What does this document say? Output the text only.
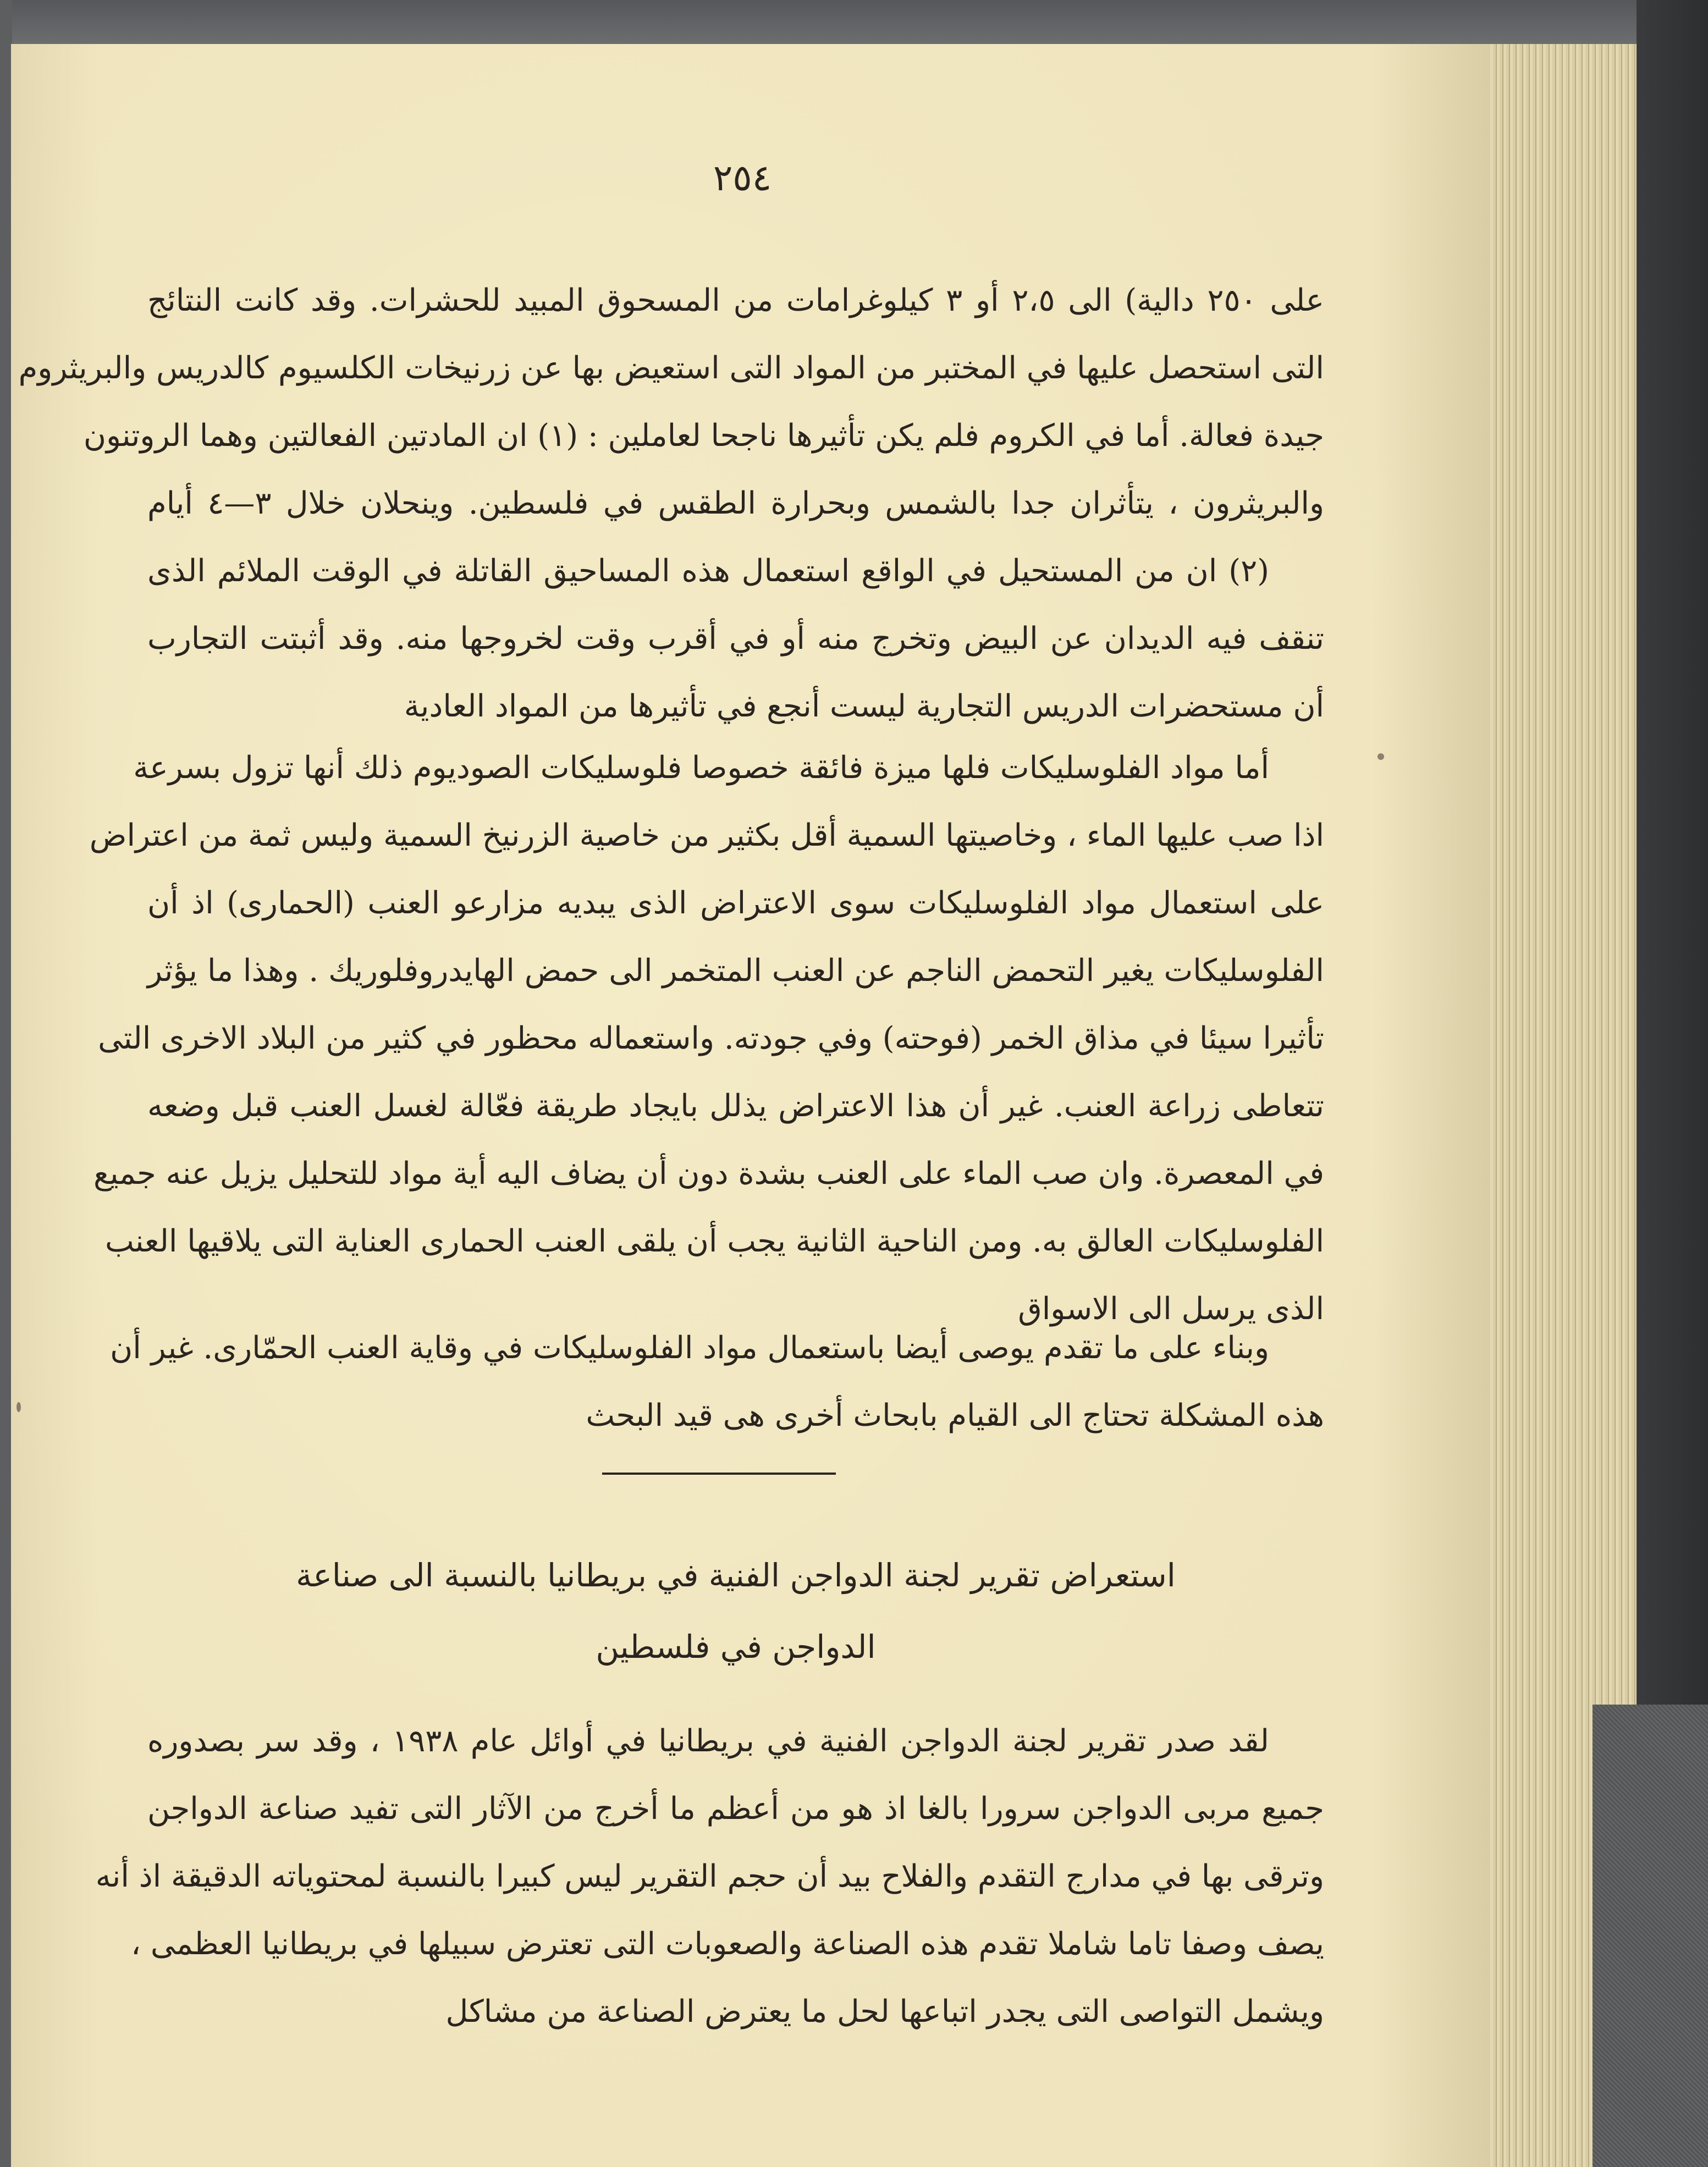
٢٥٤
على ٢٥٠ دالية) الى ٢،٥ أو ٣ كيلوغرامات من المسحوق المبيد للحشرات. وقد كانت النتائج
التى استحصل عليها في المختبر من المواد التى استعيض بها عن زرنيخات الكلسيوم كالدريس والبريثروم
جيدة فعالة. أما في الكروم فلم يكن تأثيرها ناجحا لعاملين : (١) ان المادتين الفعالتين وهما الروتنون
والبريثرون ، يتأثران جدا بالشمس وبحرارة الطقس في فلسطين. وينحلان خلال ٣—٤ أيام
(٢) ان من المستحيل في الواقع استعمال هذه المساحيق القاتلة في الوقت الملائم الذى
تنقف فيه الديدان عن البيض وتخرج منه أو في أقرب وقت لخروجها منه. وقد أثبتت التجارب
أن مستحضرات الدريس التجارية ليست أنجع في تأثيرها من المواد العادية
أما مواد الفلوسليكات فلها ميزة فائقة خصوصا فلوسليكات الصوديوم ذلك أنها تزول بسرعة
اذا صب عليها الماء ، وخاصيتها السمية أقل بكثير من خاصية الزرنيخ السمية وليس ثمة من اعتراض
على استعمال مواد الفلوسليكات سوى الاعتراض الذى يبديه مزارعو العنب (الحمارى) اذ أن
الفلوسليكات يغير التحمض الناجم عن العنب المتخمر الى حمض الهايدروفلوريك . وهذا ما يؤثر
تأثيرا سيئا في مذاق الخمر (فوحته) وفي جودته. واستعماله محظور في كثير من البلاد الاخرى التى
تتعاطى زراعة العنب. غير أن هذا الاعتراض يذلل بايجاد طريقة فعّالة لغسل العنب قبل وضعه
في المعصرة. وان صب الماء على العنب بشدة دون أن يضاف اليه أية مواد للتحليل يزيل عنه جميع
الفلوسليكات العالق به. ومن الناحية الثانية يجب أن يلقى العنب الحمارى العناية التى يلاقيها العنب
الذى يرسل الى الاسواق
وبناء على ما تقدم يوصى أيضا باستعمال مواد الفلوسليكات في وقاية العنب الحمّارى. غير أن
هذه المشكلة تحتاج الى القيام بابحاث أخرى هى قيد البحث
استعراض تقرير لجنة الدواجن الفنية في بريطانيا بالنسبة الى صناعة
الدواجن في فلسطين
لقد صدر تقرير لجنة الدواجن الفنية في بريطانيا في أوائل عام ١٩٣٨ ، وقد سر بصدوره
جميع مربى الدواجن سرورا بالغا اذ هو من أعظم ما أخرج من الآثار التى تفيد صناعة الدواجن
وترقى بها في مدارج التقدم والفلاح بيد أن حجم التقرير ليس كبيرا بالنسبة لمحتوياته الدقيقة اذ أنه
يصف وصفا تاما شاملا تقدم هذه الصناعة والصعوبات التى تعترض سبيلها في بريطانيا العظمى ،
ويشمل التواصى التى يجدر اتباعها لحل ما يعترض الصناعة من مشاكل
